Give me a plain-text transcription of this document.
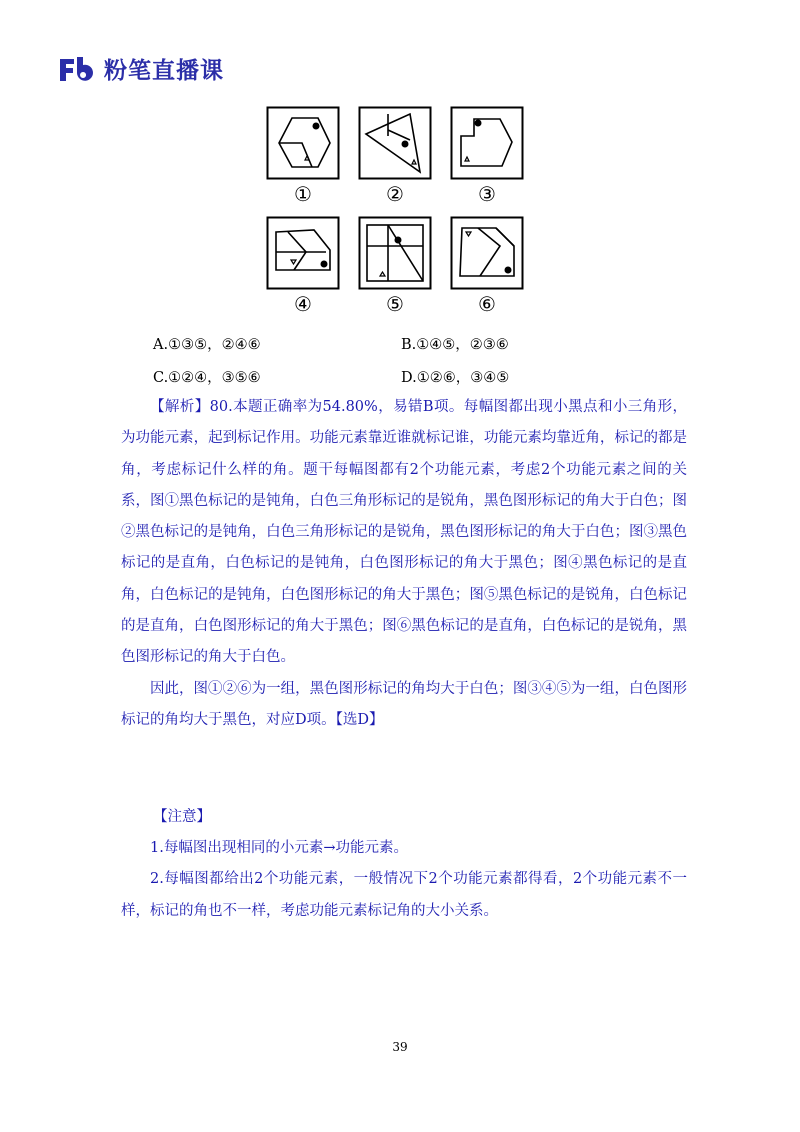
粉笔直播课
①	②	③
④	⑤	⑥
A.①③⑤，②④⑥	B.①④⑤，②③⑥
C.①②④，③⑤⑥	D.①②⑥，③④⑤

【解析】80.本题正确率为54.80%，易错B项。每幅图都出现小黑点和小三角形，为功能元素，起到标记作用。功能元素靠近谁就标记谁，功能元素均靠近角，标记的都是角，考虑标记什么样的角。题干每幅图都有2个功能元素，考虑2个功能元素之间的关系，图①黑色标记的是钝角，白色三角形标记的是锐角，黑色图形标记的角大于白色；图②黑色标记的是钝角，白色三角形标记的是锐角，黑色图形标记的角大于白色；图③黑色标记的是直角，白色标记的是钝角，白色图形标记的角大于黑色；图④黑色标记的是直角，白色标记的是钝角，白色图形标记的角大于黑色；图⑤黑色标记的是锐角，白色标记的是直角，白色图形标记的角大于黑色；图⑥黑色标记的是直角，白色标记的是锐角，黑色图形标记的角大于白色。

因此，图①②⑥为一组，黑色图形标记的角均大于白色；图③④⑤为一组，白色图形标记的角均大于黑色，对应D项。【选D】

【注意】

1.每幅图出现相同的小元素→功能元素。

2.每幅图都给出2个功能元素，一般情况下2个功能元素都得看，2个功能元素不一样，标记的角也不一样，考虑功能元素标记角的大小关系。

39
